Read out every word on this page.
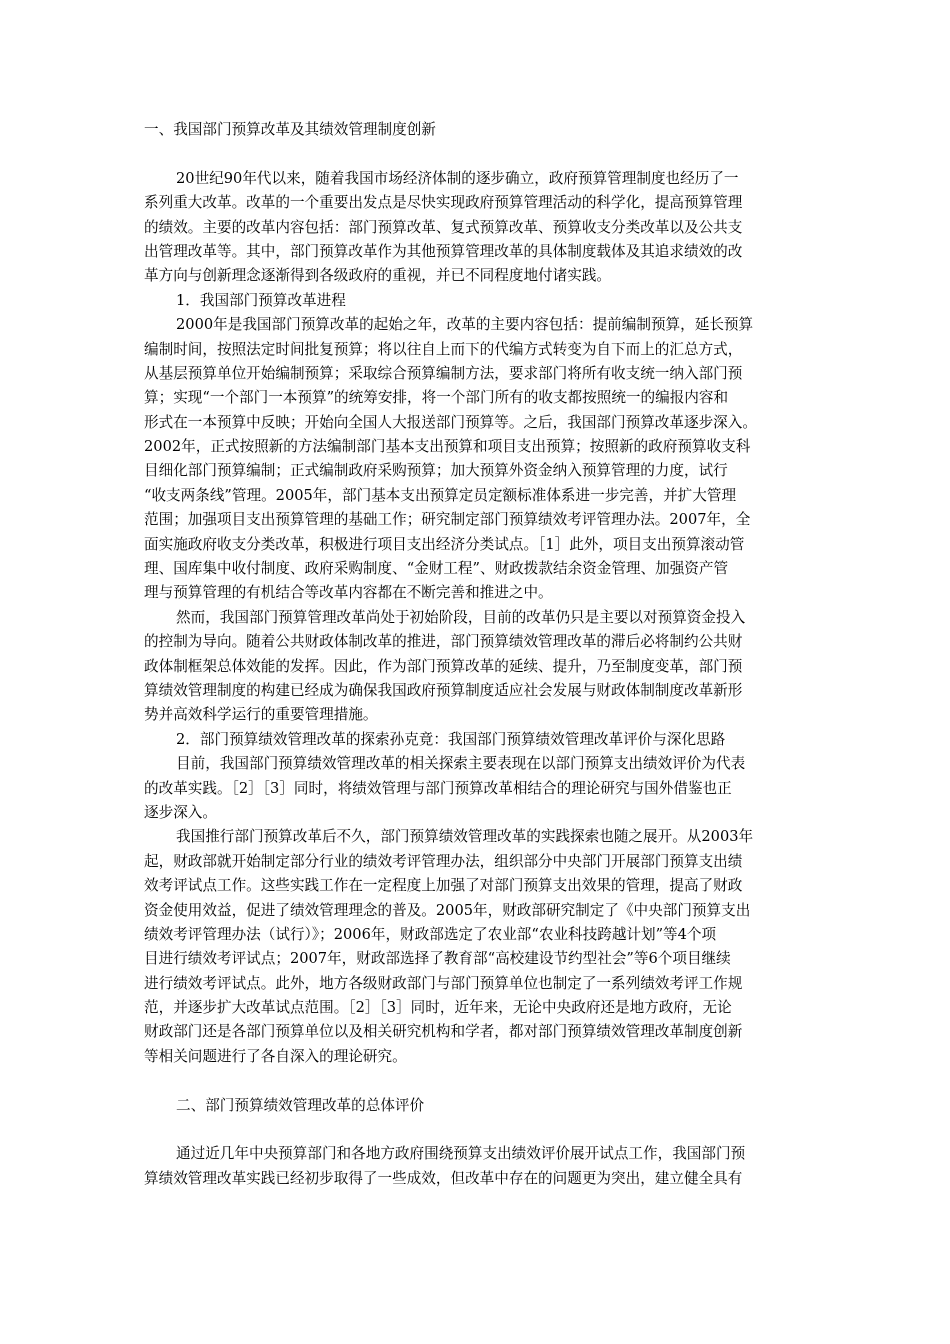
一、我国部门预算改革及其绩效管理制度创新
20世纪90年代以来，随着我国市场经济体制的逐步确立，政府预算管理制度也经历了一
系列重大改革。改革的一个重要出发点是尽快实现政府预算管理活动的科学化，提高预算管理
的绩效。主要的改革内容包括：部门预算改革、复式预算改革、预算收支分类改革以及公共支
出管理改革等。其中，部门预算改革作为其他预算管理改革的具体制度载体及其追求绩效的改
革方向与创新理念逐渐得到各级政府的重视，并已不同程度地付诸实践。
1．我国部门预算改革进程
2000年是我国部门预算改革的起始之年，改革的主要内容包括：提前编制预算，延长预算
编制时间，按照法定时间批复预算；将以往自上而下的代编方式转变为自下而上的汇总方式，
从基层预算单位开始编制预算；采取综合预算编制方法，要求部门将所有收支统一纳入部门预
算；实现“一个部门一本预算”的统筹安排，将一个部门所有的收支都按照统一的编报内容和
形式在一本预算中反映；开始向全国人大报送部门预算等。之后，我国部门预算改革逐步深入。
2002年，正式按照新的方法编制部门基本支出预算和项目支出预算；按照新的政府预算收支科
目细化部门预算编制；正式编制政府采购预算；加大预算外资金纳入预算管理的力度，试行
“收支两条线”管理。2005年，部门基本支出预算定员定额标准体系进一步完善，并扩大管理
范围；加强项目支出预算管理的基础工作；研究制定部门预算绩效考评管理办法。2007年，全
面实施政府收支分类改革，积极进行项目支出经济分类试点。［1］此外，项目支出预算滚动管
理、国库集中收付制度、政府采购制度、“金财工程”、财政拨款结余资金管理、加强资产管
理与预算管理的有机结合等改革内容都在不断完善和推进之中。
然而，我国部门预算管理改革尚处于初始阶段，目前的改革仍只是主要以对预算资金投入
的控制为导向。随着公共财政体制改革的推进，部门预算绩效管理改革的滞后必将制约公共财
政体制框架总体效能的发挥。因此，作为部门预算改革的延续、提升，乃至制度变革，部门预
算绩效管理制度的构建已经成为确保我国政府预算制度适应社会发展与财政体制制度改革新形
势并高效科学运行的重要管理措施。
2．部门预算绩效管理改革的探索孙克竟：我国部门预算绩效管理改革评价与深化思路
目前，我国部门预算绩效管理改革的相关探索主要表现在以部门预算支出绩效评价为代表
的改革实践。［2］［3］同时，将绩效管理与部门预算改革相结合的理论研究与国外借鉴也正
逐步深入。
我国推行部门预算改革后不久，部门预算绩效管理改革的实践探索也随之展开。从2003年
起，财政部就开始制定部分行业的绩效考评管理办法，组织部分中央部门开展部门预算支出绩
效考评试点工作。这些实践工作在一定程度上加强了对部门预算支出效果的管理，提高了财政
资金使用效益，促进了绩效管理理念的普及。2005年，财政部研究制定了《中央部门预算支出
绩效考评管理办法（试行）》；2006年，财政部选定了农业部“农业科技跨越计划”等4个项
目进行绩效考评试点；2007年，财政部选择了教育部“高校建设节约型社会”等6个项目继续
进行绩效考评试点。此外，地方各级财政部门与部门预算单位也制定了一系列绩效考评工作规
范，并逐步扩大改革试点范围。［2］［3］同时，近年来，无论中央政府还是地方政府，无论
财政部门还是各部门预算单位以及相关研究机构和学者，都对部门预算绩效管理改革制度创新
等相关问题进行了各自深入的理论研究。
二、部门预算绩效管理改革的总体评价
通过近几年中央预算部门和各地方政府围绕预算支出绩效评价展开试点工作，我国部门预
算绩效管理改革实践已经初步取得了一些成效，但改革中存在的问题更为突出，建立健全具有
